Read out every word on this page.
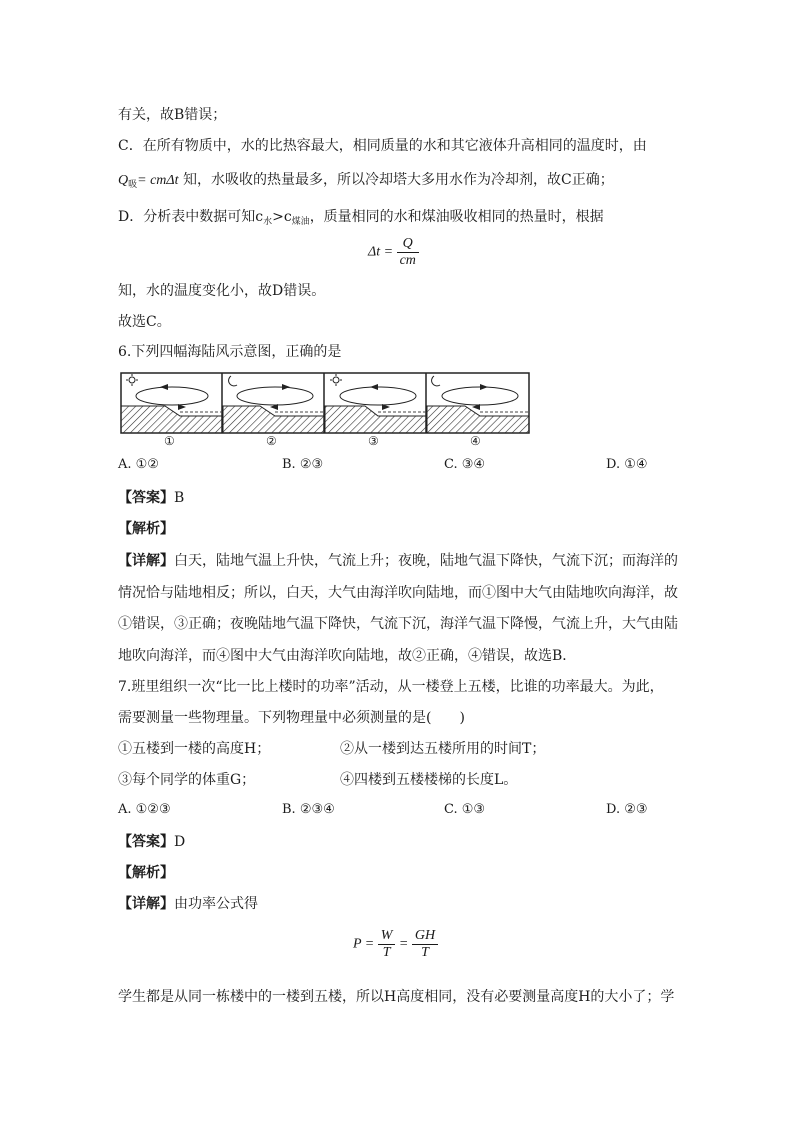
有关，故B错误；
C．在所有物质中，水的比热容最大，相同质量的水和其它液体升高相同的温度时，由
$Q_吸= cm\Delta t$ 知，水吸收的热量最多，所以冷却塔大多用水作为冷却剂，故C正确；
D．分析表中数据可知$c_水>c_{煤油}$，质量相同的水和煤油吸收相同的热量时，根据
$\Delta t = \frac{Q}{cm}$
知，水的温度变化小，故D错误。
故选C。
6.下列四幅海陆风示意图，正确的是
①	②	③	④
A. ①②	B. ②③	C. ③④	D. ①④
【答案】B
【解析】
【详解】白天，陆地气温上升快，气流上升；夜晚，陆地气温下降快，气流下沉；而海洋的
情况恰与陆地相反；所以，白天，大气由海洋吹向陆地，而①图中大气由陆地吹向海洋，故
①错误，③正确；夜晚陆地气温下降快，气流下沉，海洋气温下降慢，气流上升，大气由陆
地吹向海洋，而④图中大气由海洋吹向陆地，故②正确，④错误，故选B．
7.班里组织一次“比一比上楼时的功率”活动，从一楼登上五楼，比谁的功率最大。为此，
需要测量一些物理量。下列物理量中必须测量的是(　　)
①五楼到一楼的高度H；	②从一楼到达五楼所用的时间T；
③每个同学的体重G；	④四楼到五楼楼梯的长度L。
A. ①②③	B. ②③④	C. ①③	D. ②③
【答案】D
【解析】
【详解】由功率公式得
$P = \frac{W}{T} = \frac{GH}{T}$
学生都是从同一栋楼中的一楼到五楼，所以H高度相同，没有必要测量高度H的大小了；学
